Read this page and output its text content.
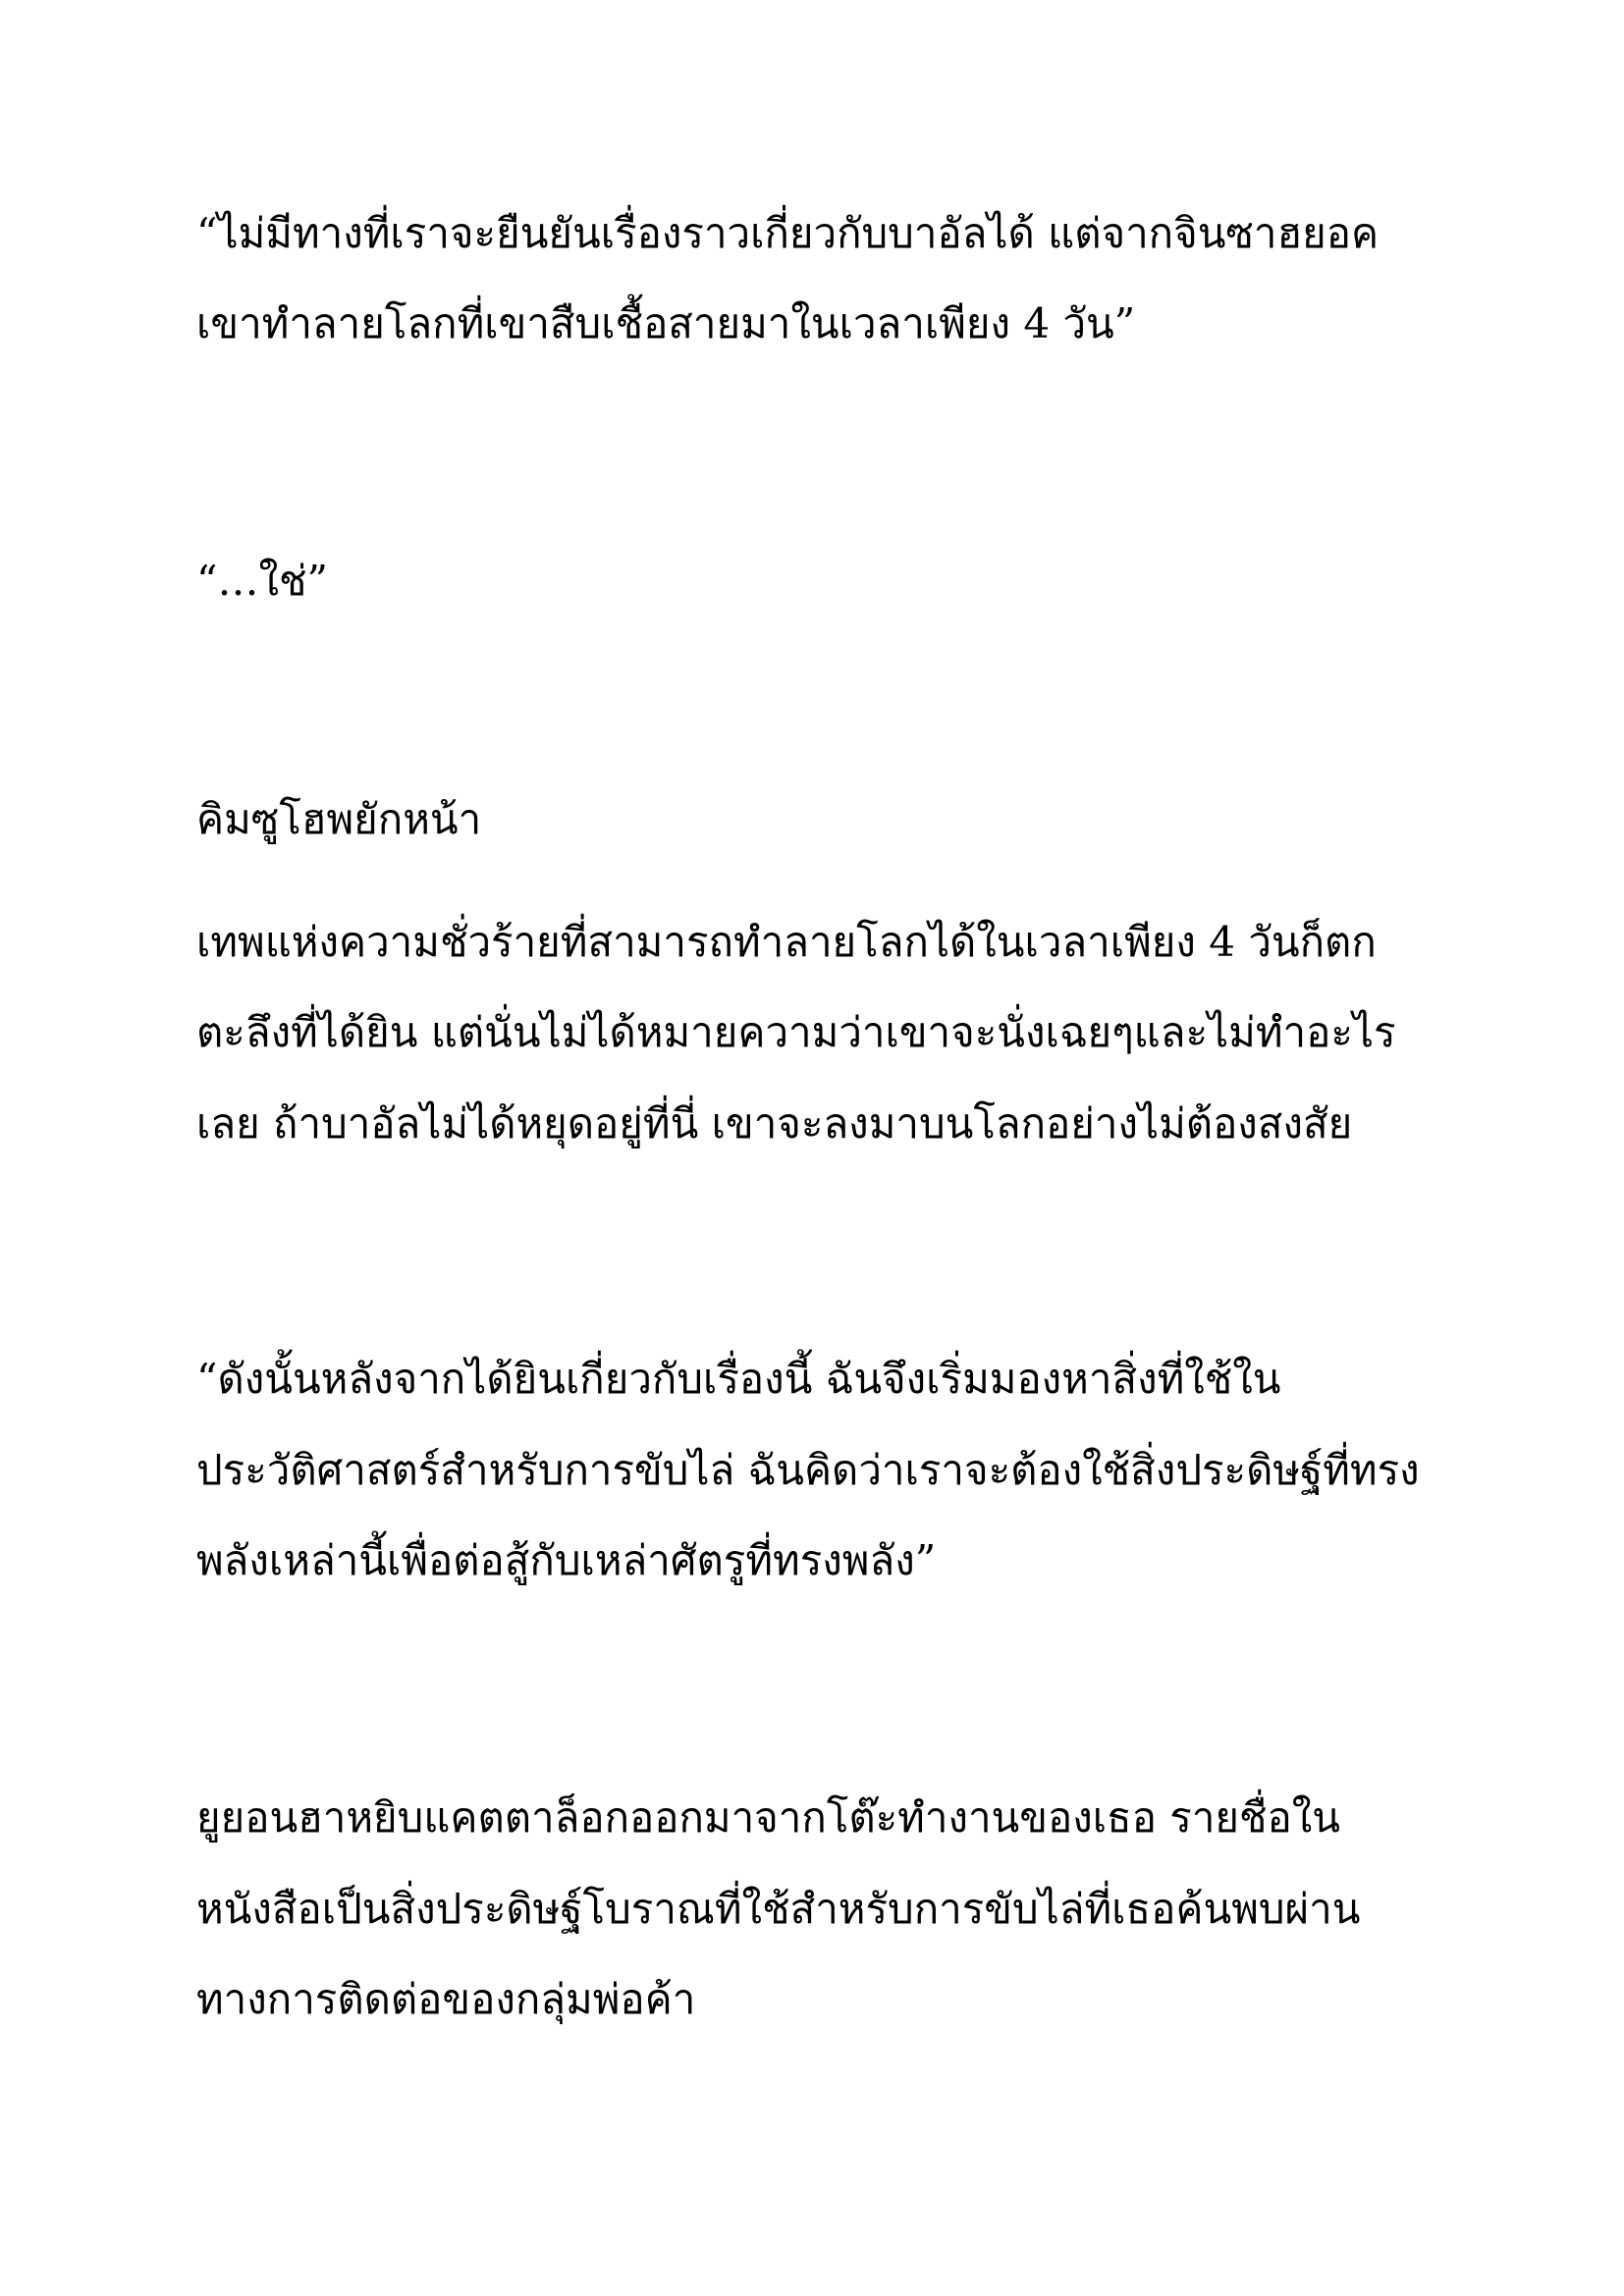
“ไม่มีทางที่เราจะยืนยันเรื่องราวเกี่ยวกับบาอัลได้ แต่จากจินซาฮยอค

เขาทำลายโลกที่เขาสืบเชื้อสายมาในเวลาเพียง 4 วัน”

“…ใช่”

คิมซูโฮพยักหน้า

เทพแห่งความชั่วร้ายที่สามารถทำลายโลกได้ในเวลาเพียง 4 วันก็ตก

ตะลึงที่ได้ยิน แต่นั่นไม่ได้หมายความว่าเขาจะนั่งเฉยๆและไม่ทำอะไร

เลย ถ้าบาอัลไม่ได้หยุดอยู่ที่นี่ เขาจะลงมาบนโลกอย่างไม่ต้องสงสัย

“ดังนั้นหลังจากได้ยินเกี่ยวกับเรื่องนี้ ฉันจึงเริ่มมองหาสิ่งที่ใช้ใน

ประวัติศาสตร์สำหรับการขับไล่ ฉันคิดว่าเราจะต้องใช้สิ่งประดิษฐ์ที่ทรง

พลังเหล่านี้เพื่อต่อสู้กับเหล่าศัตรูที่ทรงพลัง”

ยูยอนฮาหยิบแคตตาล็อกออกมาจากโต๊ะทำงานของเธอ รายชื่อใน

หนังสือเป็นสิ่งประดิษฐ์โบราณที่ใช้สำหรับการขับไล่ที่เธอค้นพบผ่าน

ทางการติดต่อของกลุ่มพ่อค้า
